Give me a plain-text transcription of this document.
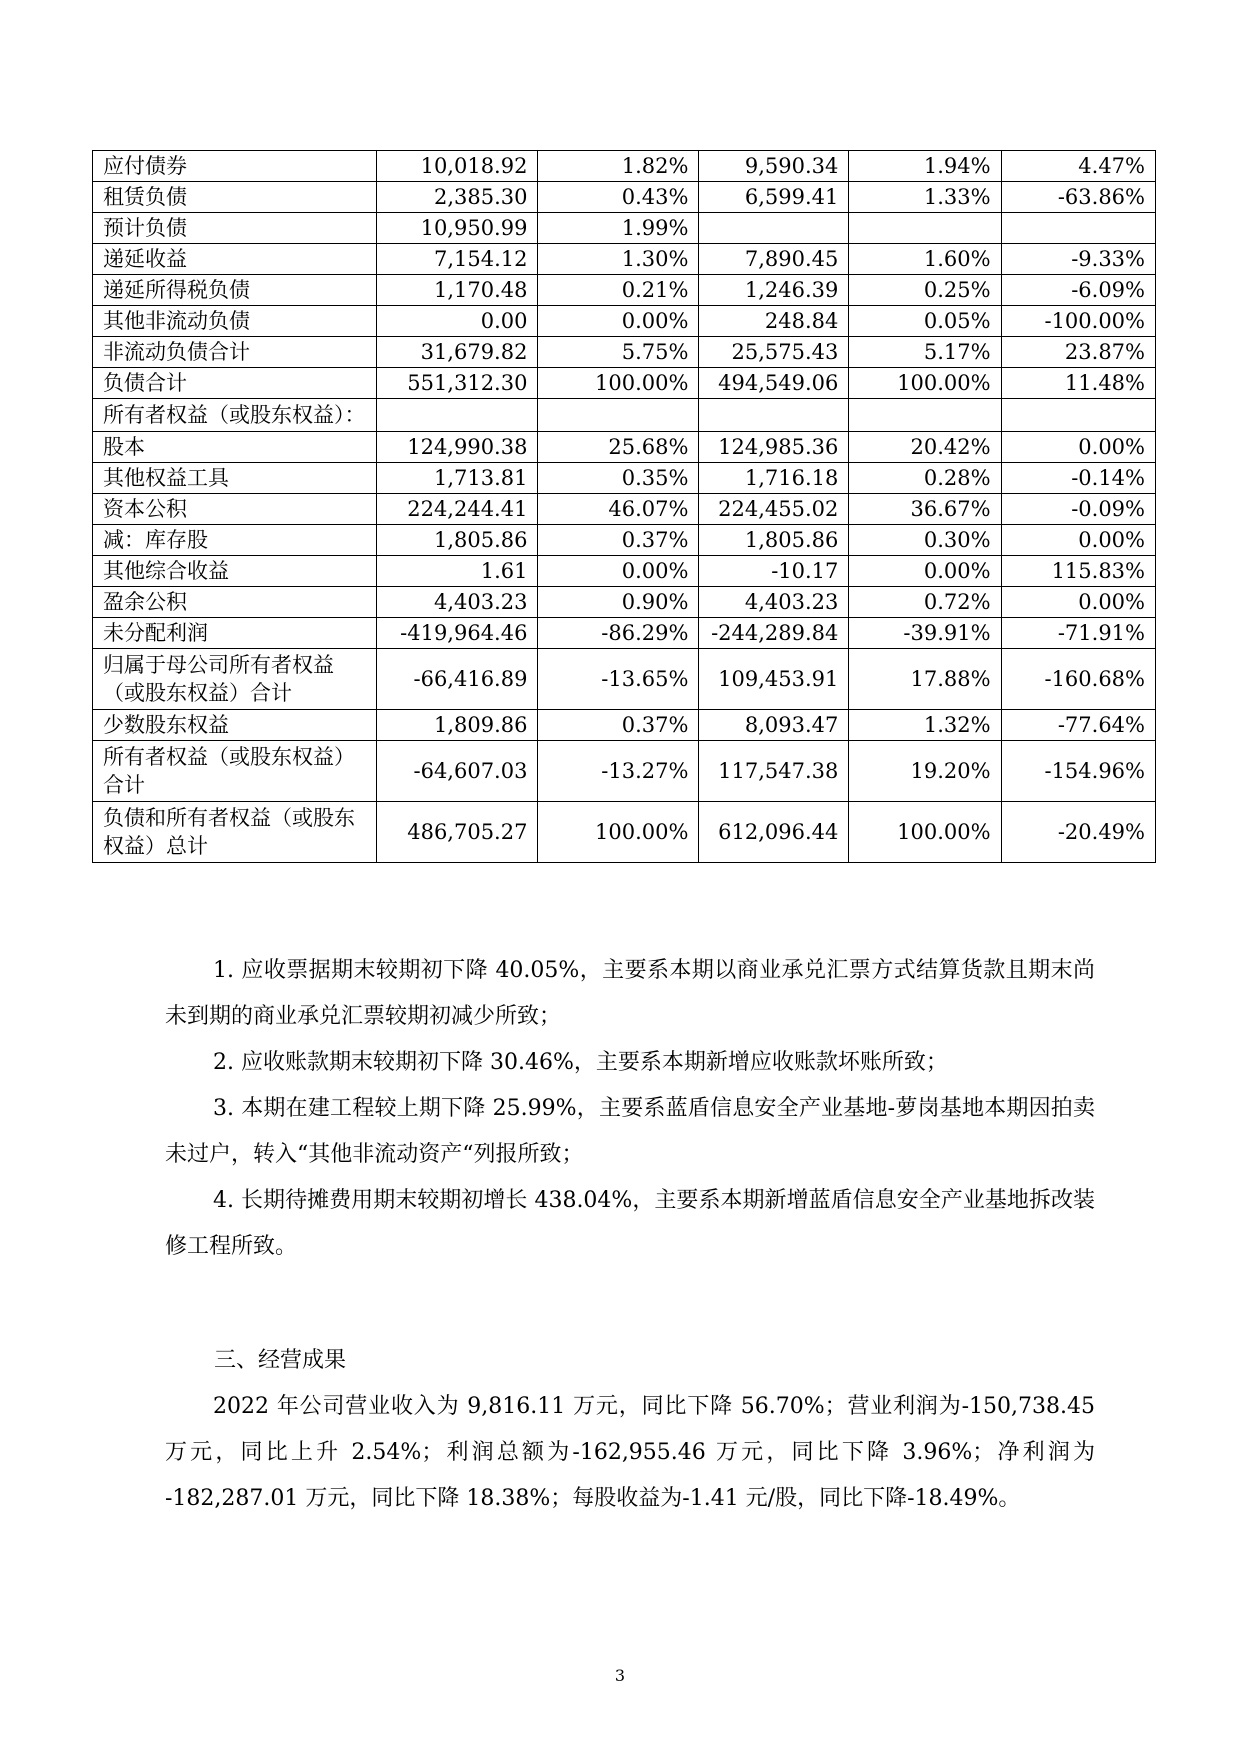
应付债券	10,018.92	1.82%	9,590.34	1.94%	4.47%
租赁负债	2,385.30	0.43%	6,599.41	1.33%	-63.86%
预计负债	10,950.99	1.99%			
递延收益	7,154.12	1.30%	7,890.45	1.60%	-9.33%
递延所得税负债	1,170.48	0.21%	1,246.39	0.25%	-6.09%
其他非流动负债	0.00	0.00%	248.84	0.05%	-100.00%
非流动负债合计	31,679.82	5.75%	25,575.43	5.17%	23.87%
负债合计	551,312.30	100.00%	494,549.06	100.00%	11.48%
所有者权益（或股东权益）：					
股本	124,990.38	25.68%	124,985.36	20.42%	0.00%
其他权益工具	1,713.81	0.35%	1,716.18	0.28%	-0.14%
资本公积	224,244.41	46.07%	224,455.02	36.67%	-0.09%
减：库存股	1,805.86	0.37%	1,805.86	0.30%	0.00%
其他综合收益	1.61	0.00%	-10.17	0.00%	115.83%
盈余公积	4,403.23	0.90%	4,403.23	0.72%	0.00%
未分配利润	-419,964.46	-86.29%	-244,289.84	-39.91%	-71.91%
归属于母公司所有者权益（或股东权益）合计	-66,416.89	-13.65%	109,453.91	17.88%	-160.68%
少数股东权益	1,809.86	0.37%	8,093.47	1.32%	-77.64%
所有者权益（或股东权益）合计	-64,607.03	-13.27%	117,547.38	19.20%	-154.96%
负债和所有者权益（或股东权益）总计	486,705.27	100.00%	612,096.44	100.00%	-20.49%

1. 应收票据期末较期初下降 40.05%，主要系本期以商业承兑汇票方式结算货款且期末尚未到期的商业承兑汇票较期初减少所致；

2. 应收账款期末较期初下降 30.46%，主要系本期新增应收账款坏账所致；

3. 本期在建工程较上期下降 25.99%，主要系蓝盾信息安全产业基地-萝岗基地本期因拍卖未过户，转入“其他非流动资产“列报所致；

4. 长期待摊费用期末较期初增长 438.04%，主要系本期新增蓝盾信息安全产业基地拆改装修工程所致。

三、经营成果

2022 年公司营业收入为 9,816.11 万元，同比下降 56.70%；营业利润为-150,738.45 万元，同比上升 2.54%；利润总额为-162,955.46 万元，同比下降 3.96%；净利润为 -182,287.01 万元，同比下降 18.38%；每股收益为-1.41 元/股，同比下降-18.49%。

3
